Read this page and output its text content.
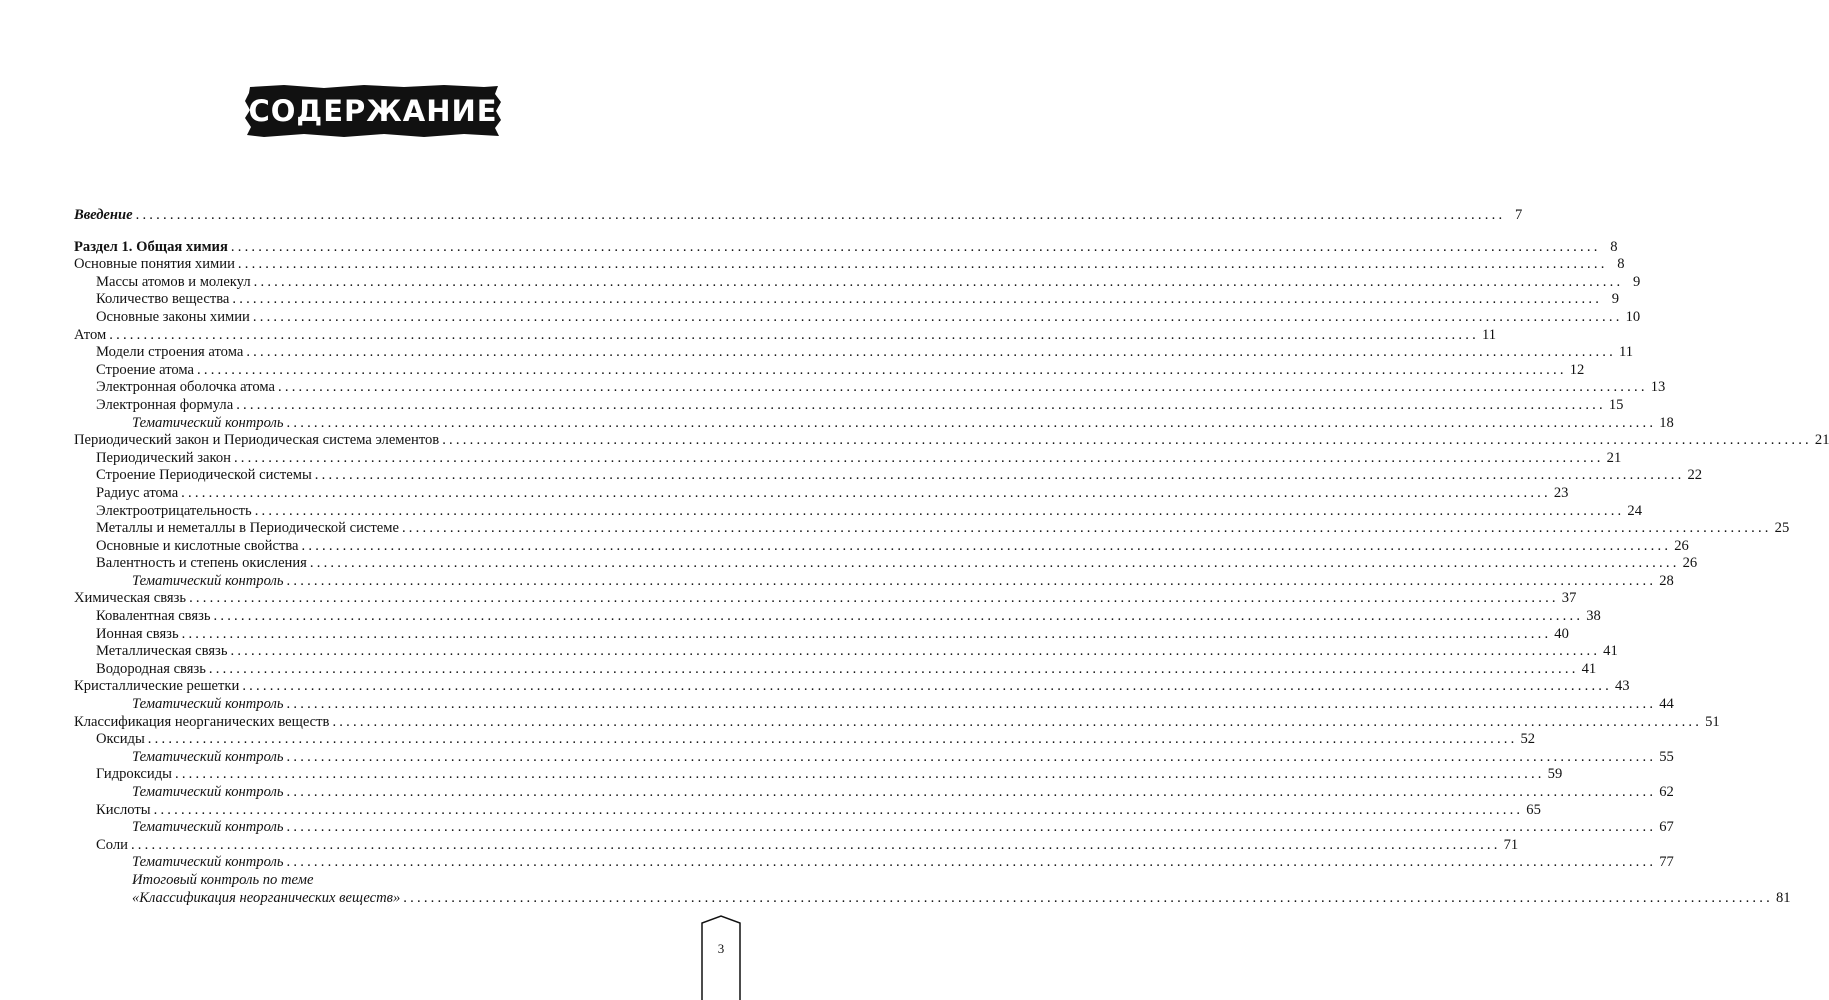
СОДЕРЖАНИЕ
Введение ........................................................................................................................................................................................................ 7
Раздел 1. Общая химия ........................................................................................................................................................................................................ 8
Основные понятия химии ........................................................................................................................................................................................................ 8
Массы атомов и молекул ........................................................................................................................................................................................................ 9
Количество вещества ........................................................................................................................................................................................................ 9
Основные законы химии ........................................................................................................................................................................................................ 10
Атом ........................................................................................................................................................................................................ 11
Модели строения атома ........................................................................................................................................................................................................ 11
Строение атома ........................................................................................................................................................................................................ 12
Электронная оболочка атома ........................................................................................................................................................................................................ 13
Электронная формула ........................................................................................................................................................................................................ 15
Тематический контроль ........................................................................................................................................................................................................ 18
Периодический закон и Периодическая система элементов ........................................................................................................................................................................................................ 21
Периодический закон ........................................................................................................................................................................................................ 21
Строение Периодической системы ........................................................................................................................................................................................................ 22
Радиус атома ........................................................................................................................................................................................................ 23
Электроотрицательность ........................................................................................................................................................................................................ 24
Металлы и неметаллы в Периодической системе ........................................................................................................................................................................................................ 25
Основные и кислотные свойства ........................................................................................................................................................................................................ 26
Валентность и степень окисления ........................................................................................................................................................................................................ 26
Тематический контроль ........................................................................................................................................................................................................ 28
Химическая связь ........................................................................................................................................................................................................ 37
Ковалентная связь ........................................................................................................................................................................................................ 38
Ионная связь ........................................................................................................................................................................................................ 40
Металлическая связь ........................................................................................................................................................................................................ 41
Водородная связь ........................................................................................................................................................................................................ 41
Кристаллические решетки ........................................................................................................................................................................................................ 43
Тематический контроль ........................................................................................................................................................................................................ 44
Классификация неорганических веществ ........................................................................................................................................................................................................ 51
Оксиды ........................................................................................................................................................................................................ 52
Тематический контроль ........................................................................................................................................................................................................ 55
Гидроксиды ........................................................................................................................................................................................................ 59
Тематический контроль ........................................................................................................................................................................................................ 62
Кислоты ........................................................................................................................................................................................................ 65
Тематический контроль ........................................................................................................................................................................................................ 67
Соли ........................................................................................................................................................................................................ 71
Тематический контроль ........................................................................................................................................................................................................ 77
Итоговый контроль по теме
«Классификация неорганических веществ» ........................................................................................................................................................................................................ 81
3
